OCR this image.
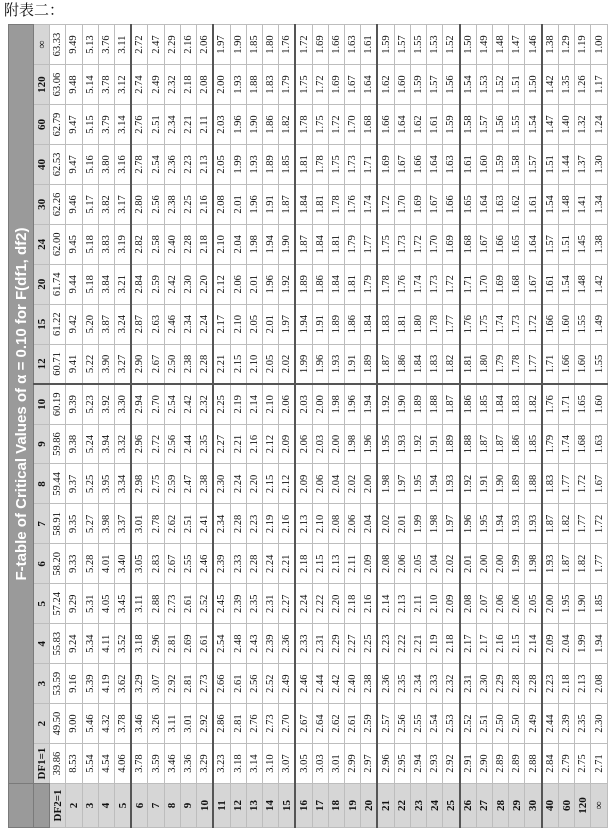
附表二：
	F-table of Critical Values of α = 0.10 for F(df1, df2)																		
	DF1=1	2	3	4	5	6	7	8	9	10	12	15	20	24	30	40	60	120	∞
DF2=1	39.86	49.50	53.59	55.83	57.24	58.20	58.91	59.44	59.86	60.19	60.71	61.22	61.74	62.00	62.26	62.53	62.79	63.06	63.33
2	8.53	9.00	9.16	9.24	9.29	9.33	9.35	9.37	9.38	9.39	9.41	9.42	9.44	9.45	9.46	9.47	9.47	9.48	9.49
3	5.54	5.46	5.39	5.34	5.31	5.28	5.27	5.25	5.24	5.23	5.22	5.20	5.18	5.18	5.17	5.16	5.15	5.14	5.13
4	4.54	4.32	4.19	4.11	4.05	4.01	3.98	3.95	3.94	3.92	3.90	3.87	3.84	3.83	3.82	3.80	3.79	3.78	3.76
5	4.06	3.78	3.62	3.52	3.45	3.40	3.37	3.34	3.32	3.30	3.27	3.24	3.21	3.19	3.17	3.16	3.14	3.12	3.11
6	3.78	3.46	3.29	3.18	3.11	3.05	3.01	2.98	2.96	2.94	2.90	2.87	2.84	2.82	2.80	2.78	2.76	2.74	2.72
7	3.59	3.26	3.07	2.96	2.88	2.83	2.78	2.75	2.72	2.70	2.67	2.63	2.59	2.58	2.56	2.54	2.51	2.49	2.47
8	3.46	3.11	2.92	2.81	2.73	2.67	2.62	2.59	2.56	2.54	2.50	2.46	2.42	2.40	2.38	2.36	2.34	2.32	2.29
9	3.36	3.01	2.81	2.69	2.61	2.55	2.51	2.47	2.44	2.42	2.38	2.34	2.30	2.28	2.25	2.23	2.21	2.18	2.16
10	3.29	2.92	2.73	2.61	2.52	2.46	2.41	2.38	2.35	2.32	2.28	2.24	2.20	2.18	2.16	2.13	2.11	2.08	2.06
11	3.23	2.86	2.66	2.54	2.45	2.39	2.34	2.30	2.27	2.25	2.21	2.17	2.12	2.10	2.08	2.05	2.03	2.00	1.97
12	3.18	2.81	2.61	2.48	2.39	2.33	2.28	2.24	2.21	2.19	2.15	2.10	2.06	2.04	2.01	1.99	1.96	1.93	1.90
13	3.14	2.76	2.56	2.43	2.35	2.28	2.23	2.20	2.16	2.14	2.10	2.05	2.01	1.98	1.96	1.93	1.90	1.88	1.85
14	3.10	2.73	2.52	2.39	2.31	2.24	2.19	2.15	2.12	2.10	2.05	2.01	1.96	1.94	1.91	1.89	1.86	1.83	1.80
15	3.07	2.70	2.49	2.36	2.27	2.21	2.16	2.12	2.09	2.06	2.02	1.97	1.92	1.90	1.87	1.85	1.82	1.79	1.76
16	3.05	2.67	2.46	2.33	2.24	2.18	2.13	2.09	2.06	2.03	1.99	1.94	1.89	1.87	1.84	1.81	1.78	1.75	1.72
17	3.03	2.64	2.44	2.31	2.22	2.15	2.10	2.06	2.03	2.00	1.96	1.91	1.86	1.84	1.81	1.78	1.75	1.72	1.69
18	3.01	2.62	2.42	2.29	2.20	2.13	2.08	2.04	2.00	1.98	1.93	1.89	1.84	1.81	1.78	1.75	1.72	1.69	1.66
19	2.99	2.61	2.40	2.27	2.18	2.11	2.06	2.02	1.98	1.96	1.91	1.86	1.81	1.79	1.76	1.73	1.70	1.67	1.63
20	2.97	2.59	2.38	2.25	2.16	2.09	2.04	2.00	1.96	1.94	1.89	1.84	1.79	1.77	1.74	1.71	1.68	1.64	1.61
21	2.96	2.57	2.36	2.23	2.14	2.08	2.02	1.98	1.95	1.92	1.87	1.83	1.78	1.75	1.72	1.69	1.66	1.62	1.59
22	2.95	2.56	2.35	2.22	2.13	2.06	2.01	1.97	1.93	1.90	1.86	1.81	1.76	1.73	1.70	1.67	1.64	1.60	1.57
23	2.94	2.55	2.34	2.21	2.11	2.05	1.99	1.95	1.92	1.89	1.84	1.80	1.74	1.72	1.69	1.66	1.62	1.59	1.55
24	2.93	2.54	2.33	2.19	2.10	2.04	1.98	1.94	1.91	1.88	1.83	1.78	1.73	1.70	1.67	1.64	1.61	1.57	1.53
25	2.92	2.53	2.32	2.18	2.09	2.02	1.97	1.93	1.89	1.87	1.82	1.77	1.72	1.69	1.66	1.63	1.59	1.56	1.52
26	2.91	2.52	2.31	2.17	2.08	2.01	1.96	1.92	1.88	1.86	1.81	1.76	1.71	1.68	1.65	1.61	1.58	1.54	1.50
27	2.90	2.51	2.30	2.17	2.07	2.00	1.95	1.91	1.87	1.85	1.80	1.75	1.70	1.67	1.64	1.60	1.57	1.53	1.49
28	2.89	2.50	2.29	2.16	2.06	2.00	1.94	1.90	1.87	1.84	1.79	1.74	1.69	1.66	1.63	1.59	1.56	1.52	1.48
29	2.89	2.50	2.28	2.15	2.06	1.99	1.93	1.89	1.86	1.83	1.78	1.73	1.68	1.65	1.62	1.58	1.55	1.51	1.47
30	2.88	2.49	2.28	2.14	2.05	1.98	1.93	1.88	1.85	1.82	1.77	1.72	1.67	1.64	1.61	1.57	1.54	1.50	1.46
40	2.84	2.44	2.23	2.09	2.00	1.93	1.87	1.83	1.79	1.76	1.71	1.66	1.61	1.57	1.54	1.51	1.47	1.42	1.38
60	2.79	2.39	2.18	2.04	1.95	1.87	1.82	1.77	1.74	1.71	1.66	1.60	1.54	1.51	1.48	1.44	1.40	1.35	1.29
120	2.75	2.35	2.13	1.99	1.90	1.82	1.77	1.72	1.68	1.65	1.60	1.55	1.48	1.45	1.41	1.37	1.32	1.26	1.19
∞	2.71	2.30	2.08	1.94	1.85	1.77	1.72	1.67	1.63	1.60	1.55	1.49	1.42	1.38	1.34	1.30	1.24	1.17	1.00
